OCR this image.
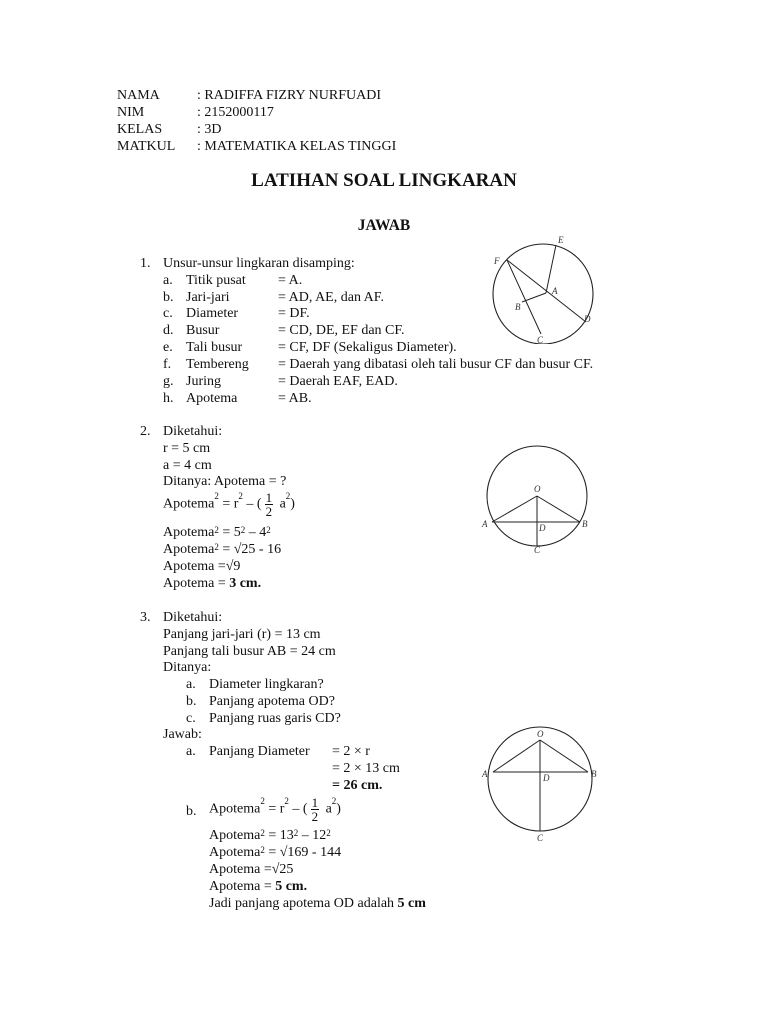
NAMA	: RADIFFA FIZRY NURFUADI
NIM	: 2152000117
KELAS : 3D
MATKUL : MATEMATIKA KELAS TINGGI
LATIHAN SOAL LINGKARAN
JAWAB
1. Unsur-unsur lingkaran disamping:
a. Titik pusat = A.
b. Jari-jari	= AD, AE, dan AF.
c. Diameter	= DF.
d. Busur	= CD, DE, EF dan CF.
e. Tali busur	= CF, DF (Sekaligus Diameter).
f. Tembereng = Daerah yang dibatasi oleh tali busur CF dan busur CF.
g. Juring	= Daerah EAF, EAD.
h. Apotema	= AB.
E
F
A
B
D
C
2. Diketahui:
r = 5 cm
a = 4 cm
Ditanya: Apotema = ?
Apotema$^2$ = $r^2$ – ( $\frac{1}{2} a^2$)
Apotema$^2$ = $5^2 - 4^2$
Apotema$^2$ = √25 - 16
Apotema =√9
Apotema = 3 cm.
O
A	D	B
C
3. Diketahui:
Panjang jari-jari (r) = 13 cm
Panjang tali busur AB = 24 cm
Ditanya:
a. Diameter lingkaran?
b. Panjang apotema OD?
c. Panjang ruas garis CD?
Jawab:
a. Panjang Diameter = 2 × r
= 2 × 13 cm
= 26 cm.
b. Apotema$^2$ = $r^2$ – ( $\frac{1}{2} a^2$)
Apotema$^2$ = $13^2 - 12^2$
Apotema$^2$ = √169 - 144
Apotema =√25
Apotema = 5 cm.
Jadi panjang apotema OD adalah 5 cm
O
A	D	B
C
